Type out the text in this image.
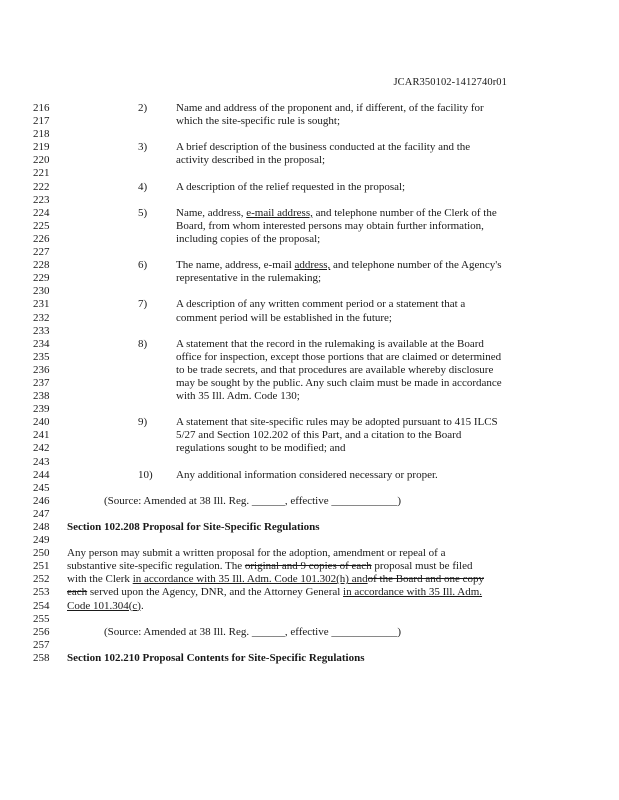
JCAR350102-1412740r01
216	2)	Name and address of the proponent and, if different, of the facility for
217	which the site-specific rule is sought;
218
219	3)	A brief description of the business conducted at the facility and the
220	activity described in the proposal;
221
222	4)	A description of the relief requested in the proposal;
223
224	5)	Name, address, e-mail address, and telephone number of the Clerk of the
225	Board, from whom interested persons may obtain further information,
226	including copies of the proposal;
227
228	6)	The name, address, e-mail address, and telephone number of the Agency's
229	representative in the rulemaking;
230
231	7)	A description of any written comment period or a statement that a
232	comment period will be established in the future;
233
234	8)	A statement that the record in the rulemaking is available at the Board
235	office for inspection, except those portions that are claimed or determined
236	to be trade secrets, and that procedures are available whereby disclosure
237	may be sought by the public. Any such claim must be made in accordance
238	with 35 Ill. Adm. Code 130;
239
240	9)	A statement that site-specific rules may be adopted pursuant to 415 ILCS
241	5/27 and Section 102.202 of this Part, and a citation to the Board
242	regulations sought to be modified; and
243
244	10) Any additional information considered necessary or proper.
245
246	(Source: Amended at 38 Ill. Reg. ______, effective ____________)
247
248 Section 102.208 Proposal for Site-Specific Regulations
249
250 Any person may submit a written proposal for the adoption, amendment or repeal of a
251 substantive site-specific regulation. The original and 9 copies of each proposal must be filed
252 with the Clerk in accordance with 35 Ill. Adm. Code 101.302(h) andof the Board and one copy
253 each served upon the Agency, DNR, and the Attorney General in accordance with 35 Ill. Adm.
254 Code 101.304(c).
255
256	(Source: Amended at 38 Ill. Reg. ______, effective ____________)
257
258 Section 102.210 Proposal Contents for Site-Specific Regulations
